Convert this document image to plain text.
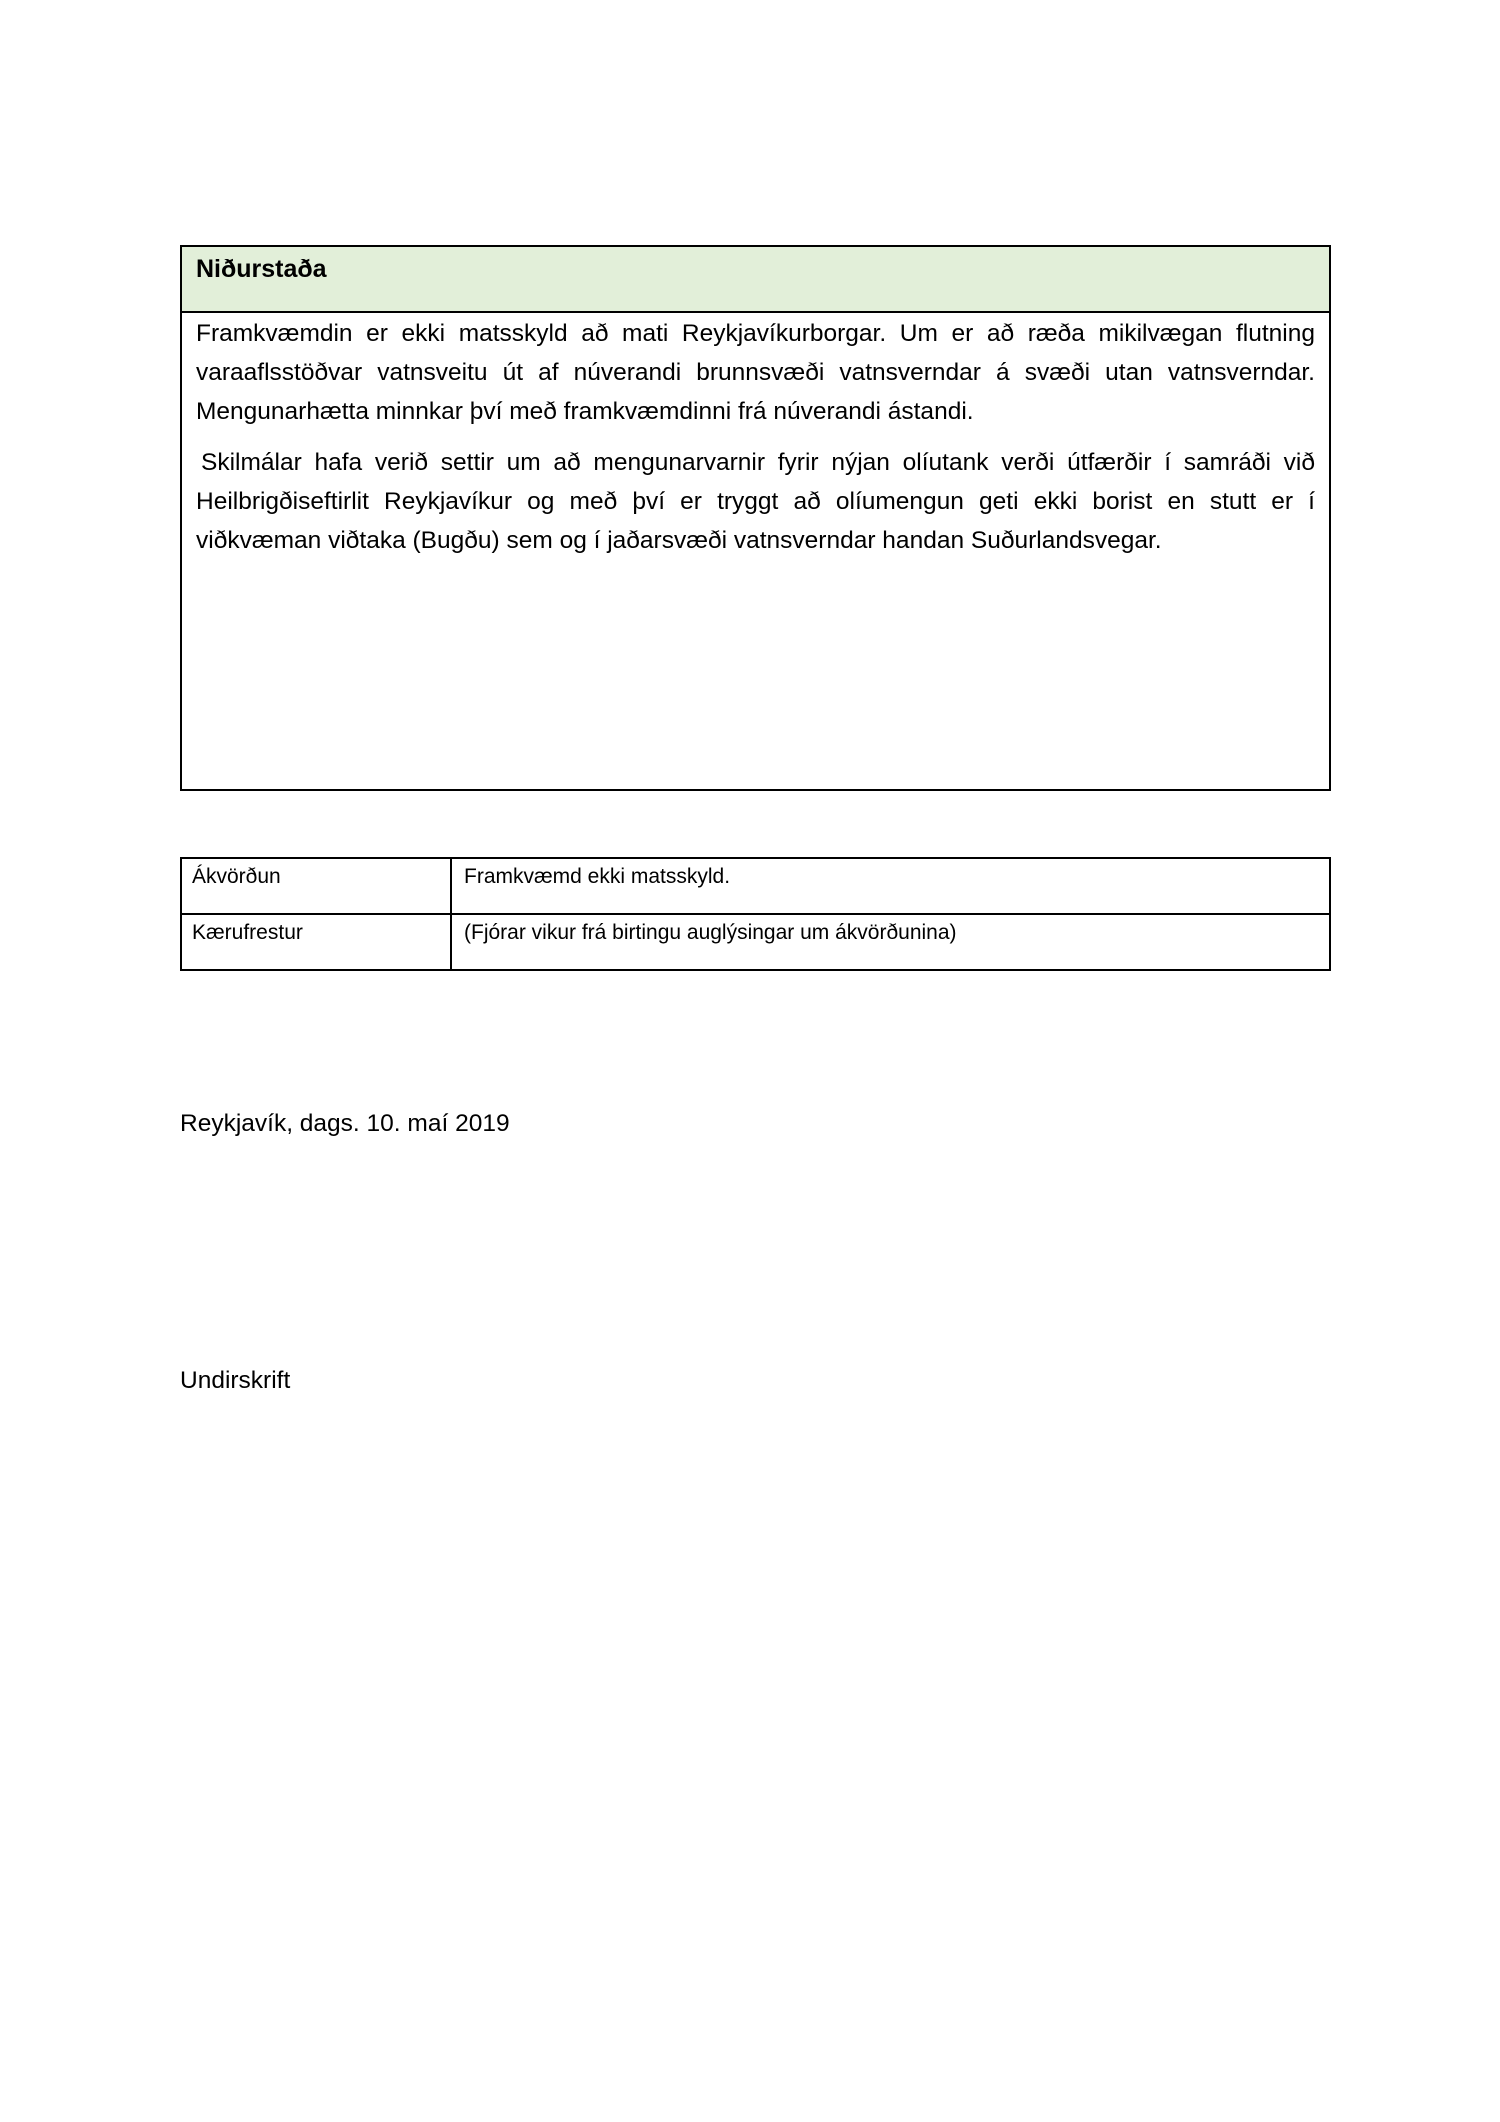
Niðurstaða

Framkvæmdin er ekki matsskyld að mati Reykjavíkurborgar. Um er að ræða mikilvægan flutning varaaflsstöðvar vatnsveitu út af núverandi brunnsvæði vatnsverndar á svæði utan vatnsverndar. Mengunarhætta minnkar því með framkvæmdinni frá núverandi ástandi.

Skilmálar hafa verið settir um að mengunarvarnir fyrir nýjan olíutank verði útfærðir í samráði við Heilbrigðiseftirlit Reykjavíkur og með því er tryggt að olíumengun geti ekki borist en stutt er í viðkvæman viðtaka (Bugðu) sem og í jaðarsvæði vatnsverndar handan Suðurlandsvegar.

Ákvörðun	Framkvæmd ekki matsskyld.
Kærufrestur	(Fjórar vikur frá birtingu auglýsingar um ákvörðunina)
Reykjavík, dags. 10. maí 2019
Undirskrift
